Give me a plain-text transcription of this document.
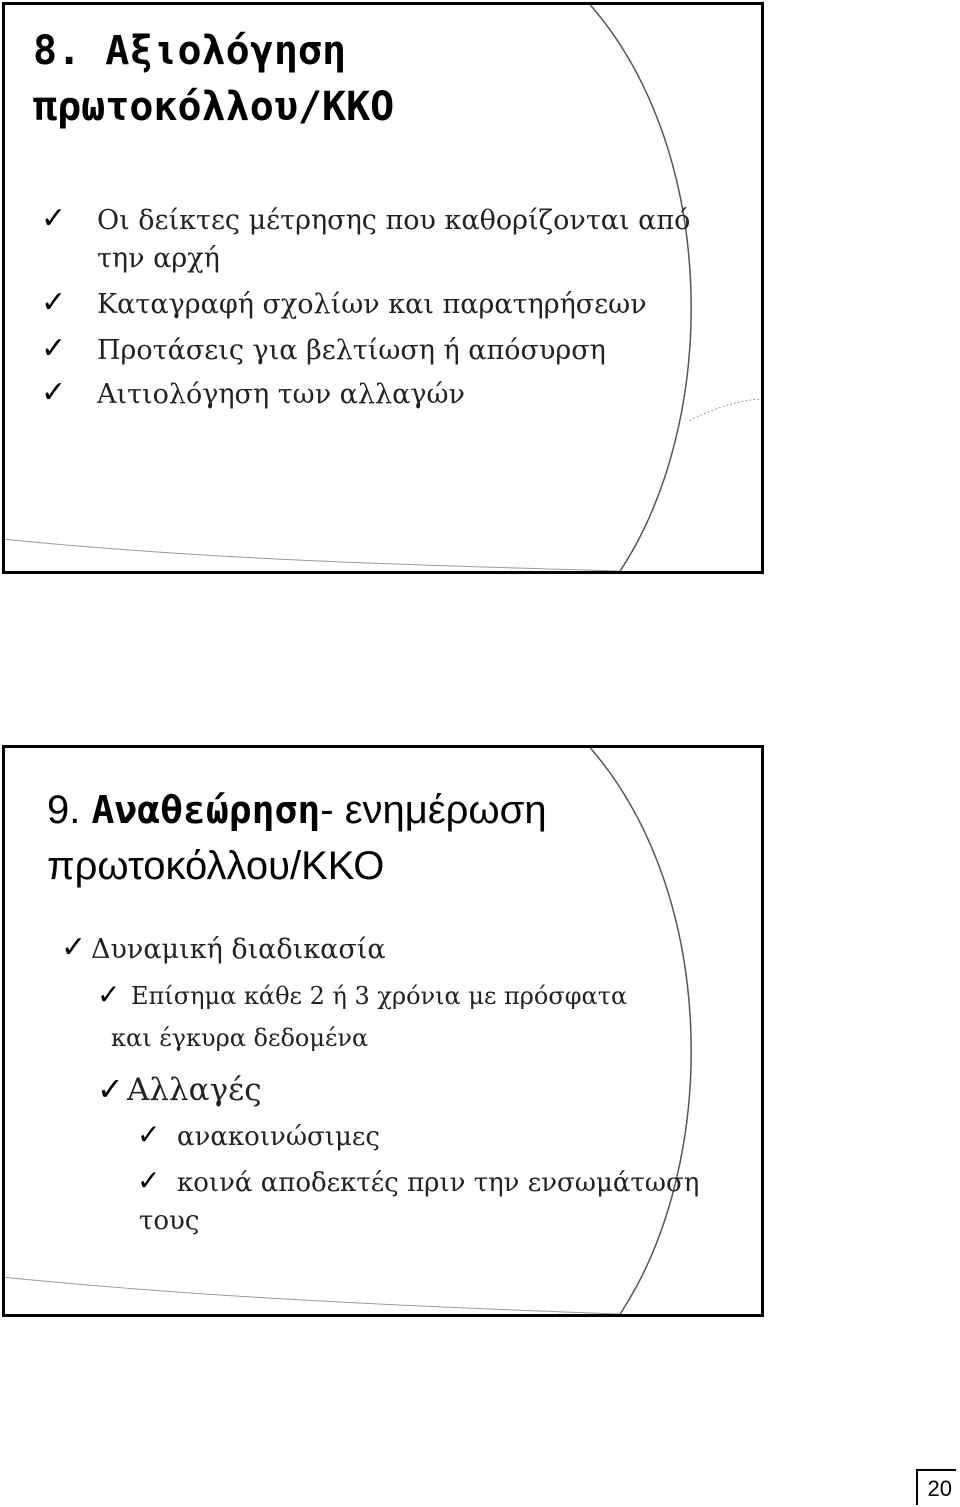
8. Αξιολόγηση
πρωτοκόλλου/ΚΚΟ
✓ Οι δείκτες μέτρησης που καθορίζονται από
την αρχή
✓ Καταγραφή σχολίων και παρατηρήσεων
✓ Προτάσεις για βελτίωση ή απόσυρση
✓ Αιτιολόγηση των αλλαγών
9. Αναθεώρηση- ενημέρωση
πρωτοκόλλου/ΚΚΟ
✓ Δυναμική διαδικασία
✓ Επίσημα κάθε 2 ή 3 χρόνια με πρόσφατα
και έγκυρα δεδομένα
✓ Αλλαγές
✓ ανακοινώσιμες
✓ κοινά αποδεκτές πριν την ενσωμάτωση
τους
20
